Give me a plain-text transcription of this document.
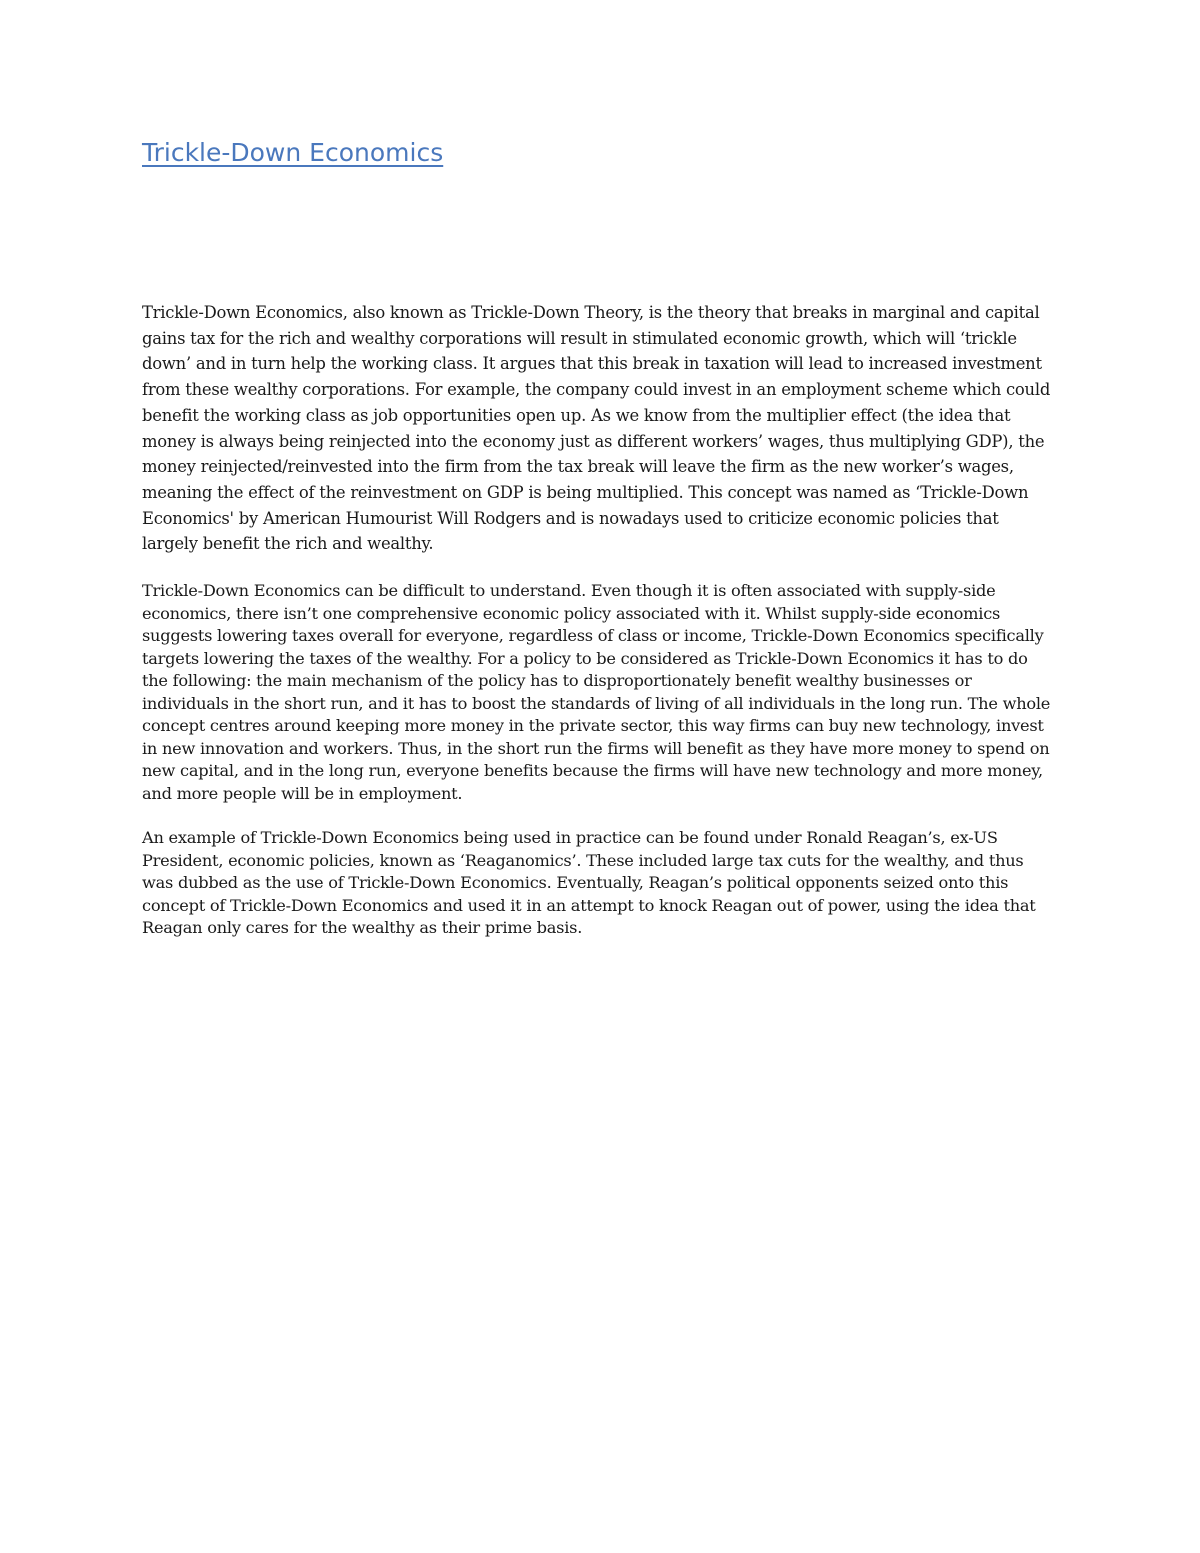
Trickle-Down Economics

Trickle-Down Economics, also known as Trickle-Down Theory, is the theory that breaks in marginal and capital gains tax for the rich and wealthy corporations will result in stimulated economic growth, which will ‘trickle down’ and in turn help the working class. It argues that this break in taxation will lead to increased investment from these wealthy corporations. For example, the company could invest in an employment scheme which could benefit the working class as job opportunities open up. As we know from the multiplier effect (the idea that money is always being reinjected into the economy just as different workers’ wages, thus multiplying GDP), the money reinjected/reinvested into the firm from the tax break will leave the firm as the new worker’s wages, meaning the effect of the reinvestment on GDP is being multiplied. This concept was named as ‘Trickle-Down Economics' by American Humourist Will Rodgers and is nowadays used to criticize economic policies that largely benefit the rich and wealthy.

Trickle-Down Economics can be difficult to understand. Even though it is often associated with supply-side economics, there isn’t one comprehensive economic policy associated with it. Whilst supply-side economics suggests lowering taxes overall for everyone, regardless of class or income, Trickle-Down Economics specifically targets lowering the taxes of the wealthy. For a policy to be considered as Trickle-Down Economics it has to do the following: the main mechanism of the policy has to disproportionately benefit wealthy businesses or individuals in the short run, and it has to boost the standards of living of all individuals in the long run. The whole concept centres around keeping more money in the private sector, this way firms can buy new technology, invest in new innovation and workers. Thus, in the short run the firms will benefit as they have more money to spend on new capital, and in the long run, everyone benefits because the firms will have new technology and more money, and more people will be in employment.

An example of Trickle-Down Economics being used in practice can be found under Ronald Reagan’s, ex-US President, economic policies, known as ‘Reaganomics’. These included large tax cuts for the wealthy, and thus was dubbed as the use of Trickle-Down Economics. Eventually, Reagan’s political opponents seized onto this concept of Trickle-Down Economics and used it in an attempt to knock Reagan out of power, using the idea that Reagan only cares for the wealthy as their prime basis.
